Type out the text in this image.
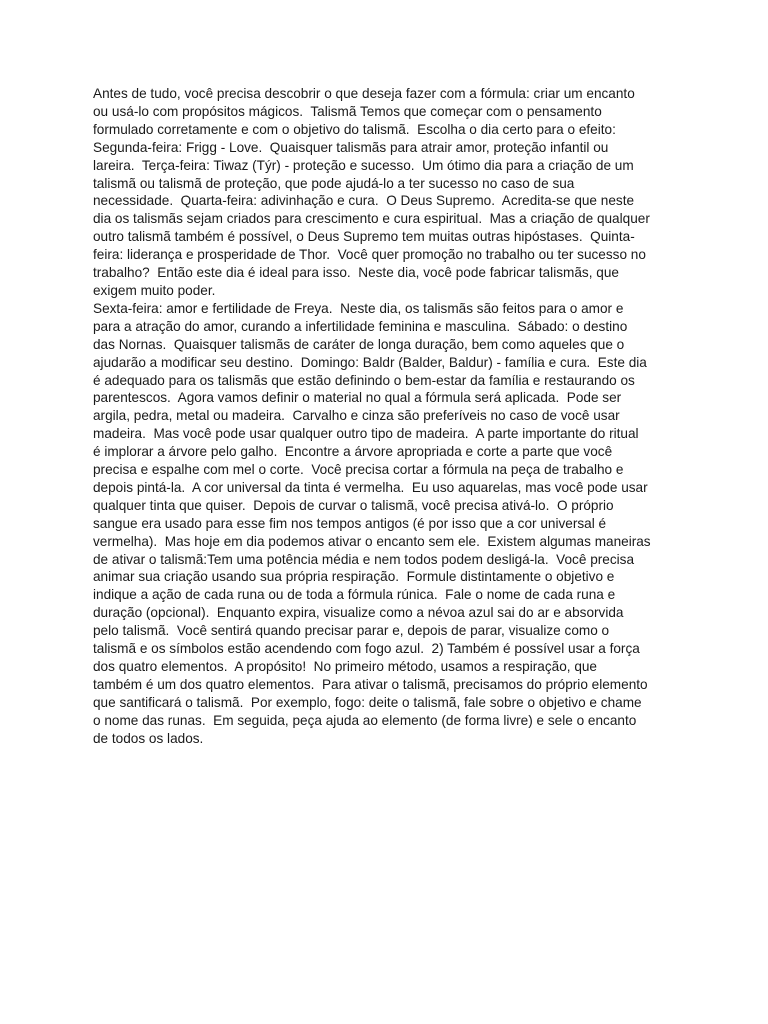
Antes de tudo, você precisa descobrir o que deseja fazer com a fórmula: criar um encanto
ou usá-lo com propósitos mágicos.  Talismã Temos que começar com o pensamento
formulado corretamente e com o objetivo do talismã.  Escolha o dia certo para o efeito:
Segunda-feira: Frigg - Love.  Quaisquer talismãs para atrair amor, proteção infantil ou
lareira.  Terça-feira: Tiwaz (Týr) - proteção e sucesso.  Um ótimo dia para a criação de um
talismã ou talismã de proteção, que pode ajudá-lo a ter sucesso no caso de sua
necessidade.  Quarta-feira: adivinhação e cura.  O Deus Supremo.  Acredita-se que neste
dia os talismãs sejam criados para crescimento e cura espiritual.  Mas a criação de qualquer
outro talismã também é possível, o Deus Supremo tem muitas outras hipóstases.  Quinta-
feira: liderança e prosperidade de Thor.  Você quer promoção no trabalho ou ter sucesso no
trabalho?  Então este dia é ideal para isso.  Neste dia, você pode fabricar talismãs, que
exigem muito poder.
Sexta-feira: amor e fertilidade de Freya.  Neste dia, os talismãs são feitos para o amor e
para a atração do amor, curando a infertilidade feminina e masculina.  Sábado: o destino
das Nornas.  Quaisquer talismãs de caráter de longa duração, bem como aqueles que o
ajudarão a modificar seu destino.  Domingo: Baldr (Balder, Baldur) - família e cura.  Este dia
é adequado para os talismãs que estão definindo o bem-estar da família e restaurando os
parentescos.  Agora vamos definir o material no qual a fórmula será aplicada.  Pode ser
argila, pedra, metal ou madeira.  Carvalho e cinza são preferíveis no caso de você usar
madeira.  Mas você pode usar qualquer outro tipo de madeira.  A parte importante do ritual
é implorar a árvore pelo galho.  Encontre a árvore apropriada e corte a parte que você
precisa e espalhe com mel o corte.  Você precisa cortar a fórmula na peça de trabalho e
depois pintá-la.  A cor universal da tinta é vermelha.  Eu uso aquarelas, mas você pode usar
qualquer tinta que quiser.  Depois de curvar o talismã, você precisa ativá-lo.  O próprio
sangue era usado para esse fim nos tempos antigos (é por isso que a cor universal é
vermelha).  Mas hoje em dia podemos ativar o encanto sem ele.  Existem algumas maneiras
de ativar o talismã:Tem uma potência média e nem todos podem desligá-la.  Você precisa
animar sua criação usando sua própria respiração.  Formule distintamente o objetivo e
indique a ação de cada runa ou de toda a fórmula rúnica.  Fale o nome de cada runa e
duração (opcional).  Enquanto expira, visualize como a névoa azul sai do ar e absorvida
pelo talismã.  Você sentirá quando precisar parar e, depois de parar, visualize como o
talismã e os símbolos estão acendendo com fogo azul.  2) Também é possível usar a força
dos quatro elementos.  A propósito!  No primeiro método, usamos a respiração, que
também é um dos quatro elementos.  Para ativar o talismã, precisamos do próprio elemento
que santificará o talismã.  Por exemplo, fogo: deite o talismã, fale sobre o objetivo e chame
o nome das runas.  Em seguida, peça ajuda ao elemento (de forma livre) e sele o encanto
de todos os lados.
